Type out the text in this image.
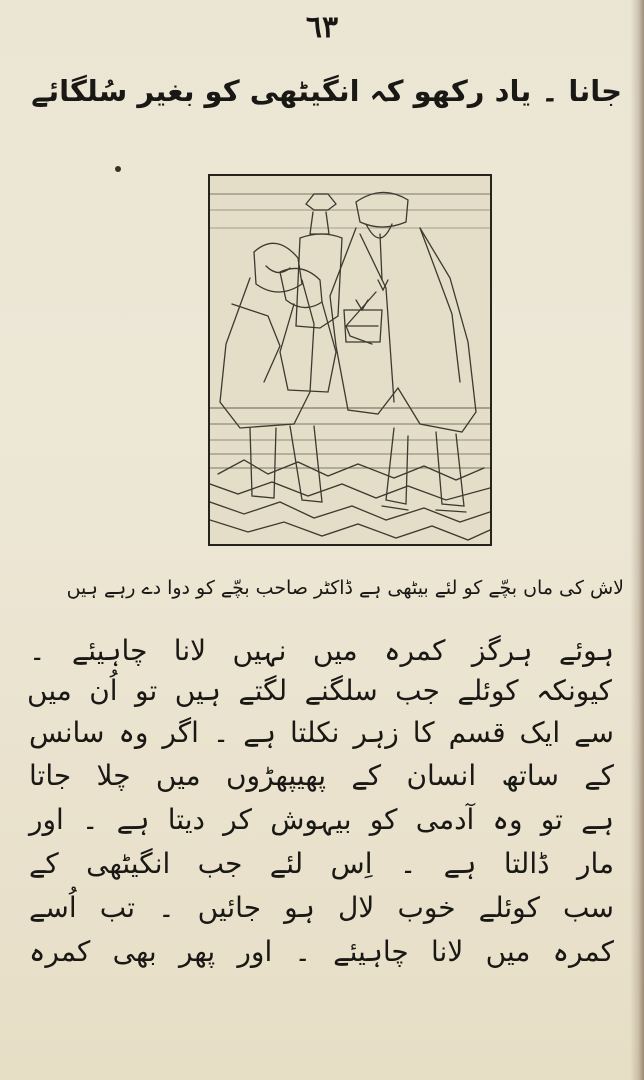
٦٣
جانا ۔ یاد رکھو کہ انگیٹھی کو بغیر سُلگائے
لاش کی ماں بچّے کو لئے بیٹھی ہے ڈاکٹر صاحب بچّے کو دوا دے رہے ہیں
ہوئے ہرگز کمرہ میں نہیں لانا چاہیئے ۔
کیونکہ کوئلے جب سلگنے لگتے ہیں تو اُن میں
سے ایک قسم کا زہر نکلتا ہے ۔ اگر وہ سانس
کے ساتھ انسان کے پھیپھڑوں میں چلا جاتا
ہے تو وہ آدمی کو بیہوش کر دیتا ہے ۔ اور
مار ڈالتا ہے ۔ اِس لئے جب انگیٹھی کے
سب کوئلے خوب لال ہو جائیں ۔ تب اُسے
کمرہ میں لانا چاہیئے ۔ اور پھر بھی کمرہ
